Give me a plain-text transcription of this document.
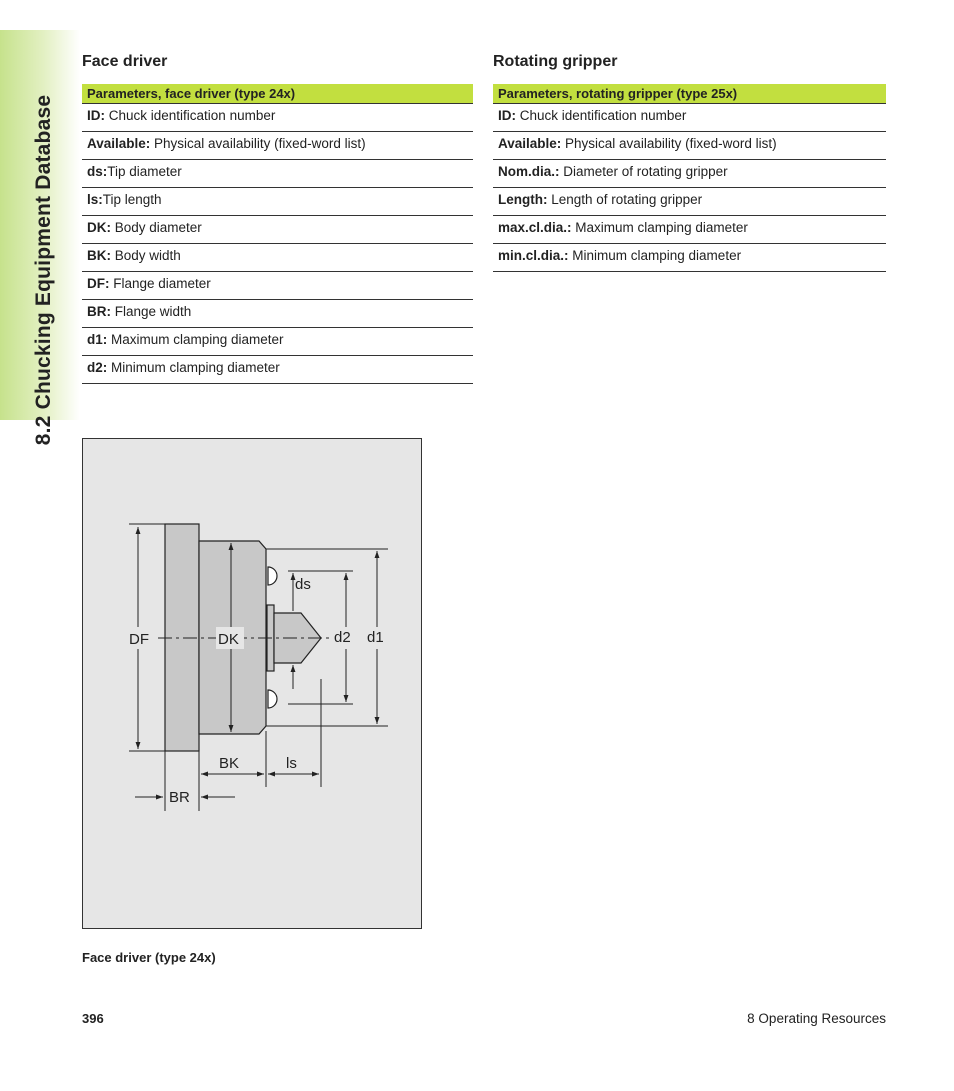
8.2 Chucking Equipment Database
Face driver
Parameters, face driver (type 24x)
ID: Chuck identification number
Available: Physical availability (fixed-word list)
ds:Tip diameter
ls:Tip length
DK: Body diameter
BK: Body width
DF: Flange diameter
BR: Flange width
d1: Maximum clamping diameter
d2: Minimum clamping diameter
Rotating gripper
Parameters, rotating gripper (type 25x)
ID: Chuck identification number
Available: Physical availability (fixed-word list)
Nom.dia.: Diameter of rotating gripper
Length: Length of rotating gripper
max.cl.dia.: Maximum clamping diameter
min.cl.dia.: Minimum clamping diameter
DF	DK
ds
d2 d1
BK	ls
BR
Face driver (type 24x)
396	8 Operating Resources
